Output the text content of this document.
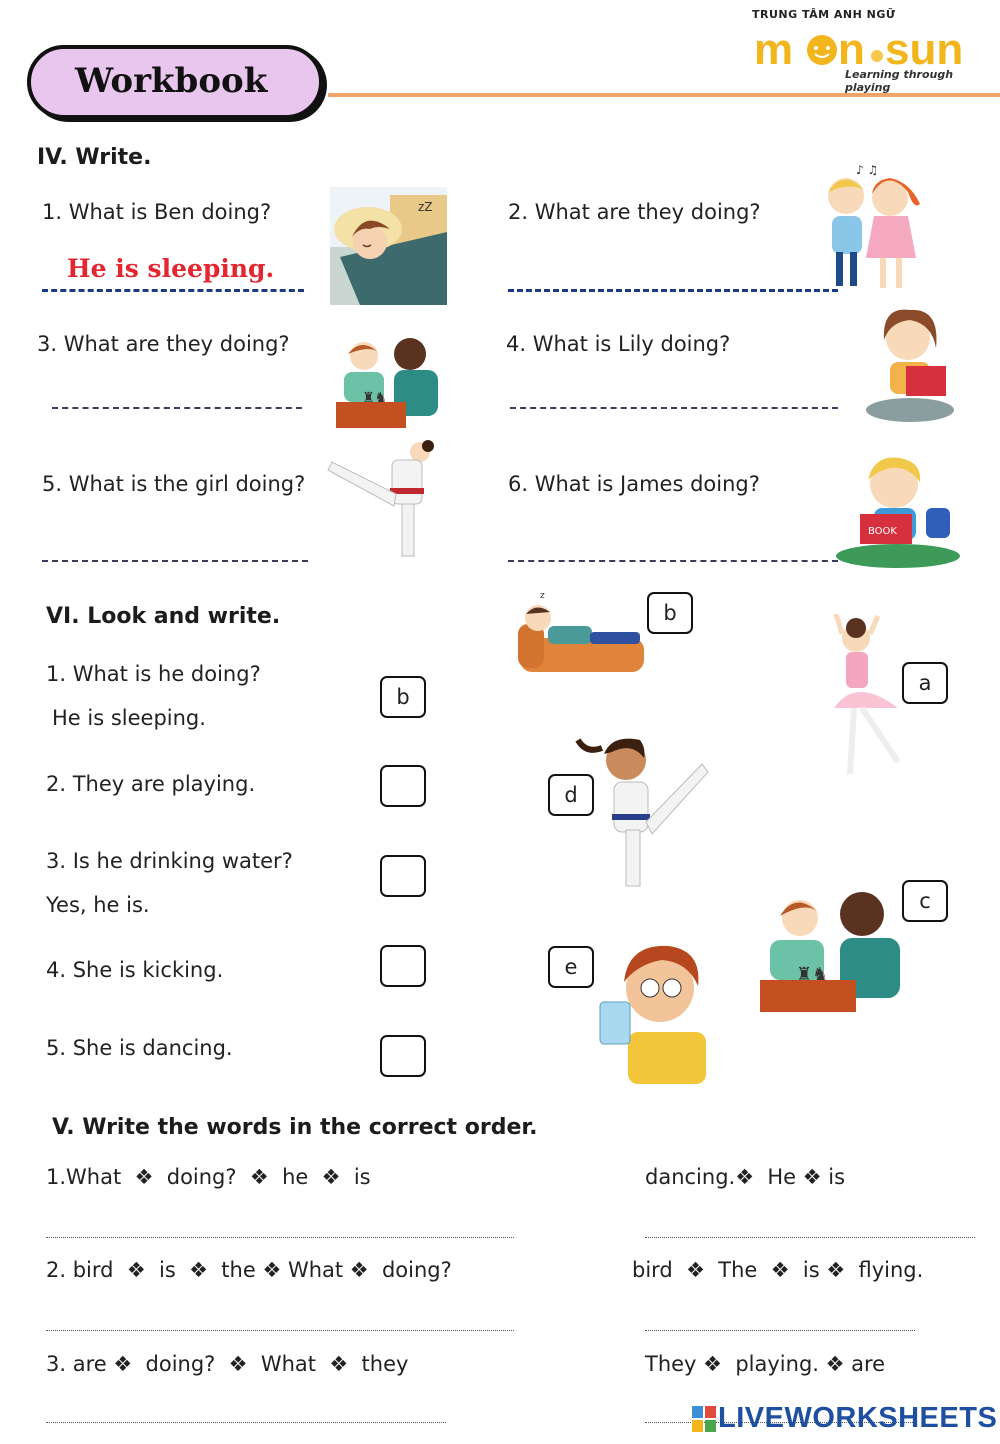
Workbook
TRUNG TÂM ANH NGỮ
m n sun
Learning through playing
IV. Write.
1. What is Ben doing?
He is sleeping.
zZ	2. What are they doing?
♪ ♫
3. What are they doing?
♜♞
4. What is Lily doing?
5. What is the girl doing?	6. What is James doing?
BOOK
VI. Look and write.
1. What is he doing?
He is sleeping.
b
2. They are playing.
3. Is he drinking water?
Yes, he is.
4. She is kicking.
5. She is dancing.
z
b
a
d
♜♞
c
e
V. Write the words in the correct order.
1.What  ❖  doing?  ❖  he  ❖  is	dancing.❖  He ❖ is
2. bird  ❖  is  ❖  the ❖ What ❖  doing?	bird  ❖  The  ❖  is ❖  flying.
3. are ❖  doing?  ❖  What  ❖  they	They ❖  playing. ❖ are
LIVEWORKSHEETS
